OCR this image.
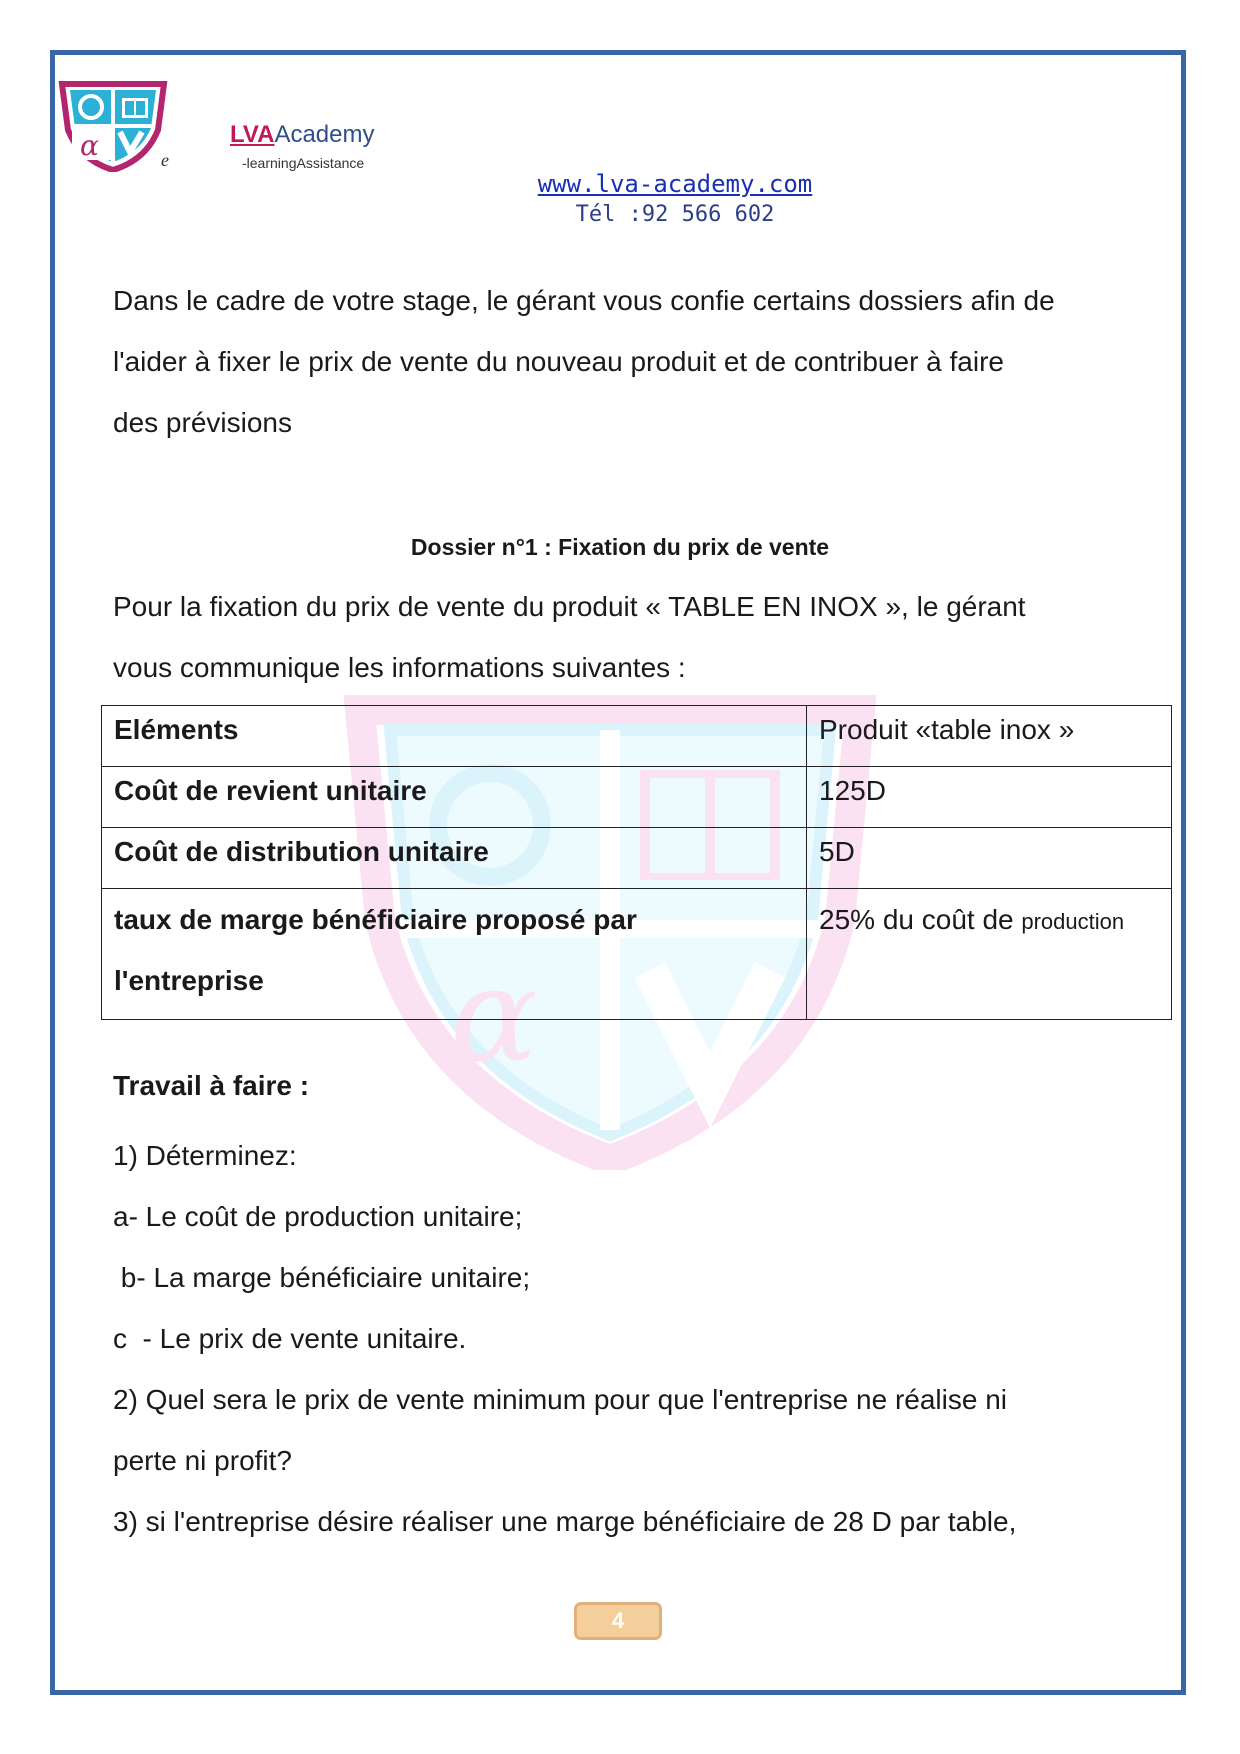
α
α	e
LVAAcademy
-learningAssistance
www.lva-academy.com
Tél :92 566 602
Dans le cadre de votre stage, le gérant vous confie certains dossiers afin de
l'aider à fixer le prix de vente du nouveau produit et de contribuer à faire
des prévisions
Dossier n°1 : Fixation du prix de vente
Pour la fixation du prix de vente du produit « TABLE EN INOX », le gérant
vous communique les informations suivantes :
Eléments	Produit «table inox »
Coût de revient unitaire	125D
Coût de distribution unitaire	5D

taux de marge bénéficiaire proposé par
l'entreprise	25% du coût de production
Travail à faire :
1) Déterminez:
a- Le coût de production unitaire;
b- La marge bénéficiaire unitaire;
c  - Le prix de vente unitaire.
2) Quel sera le prix de vente minimum pour que l'entreprise ne réalise ni
perte ni profit?
3) si l'entreprise désire réaliser une marge bénéficiaire de 28 D par table,
4
